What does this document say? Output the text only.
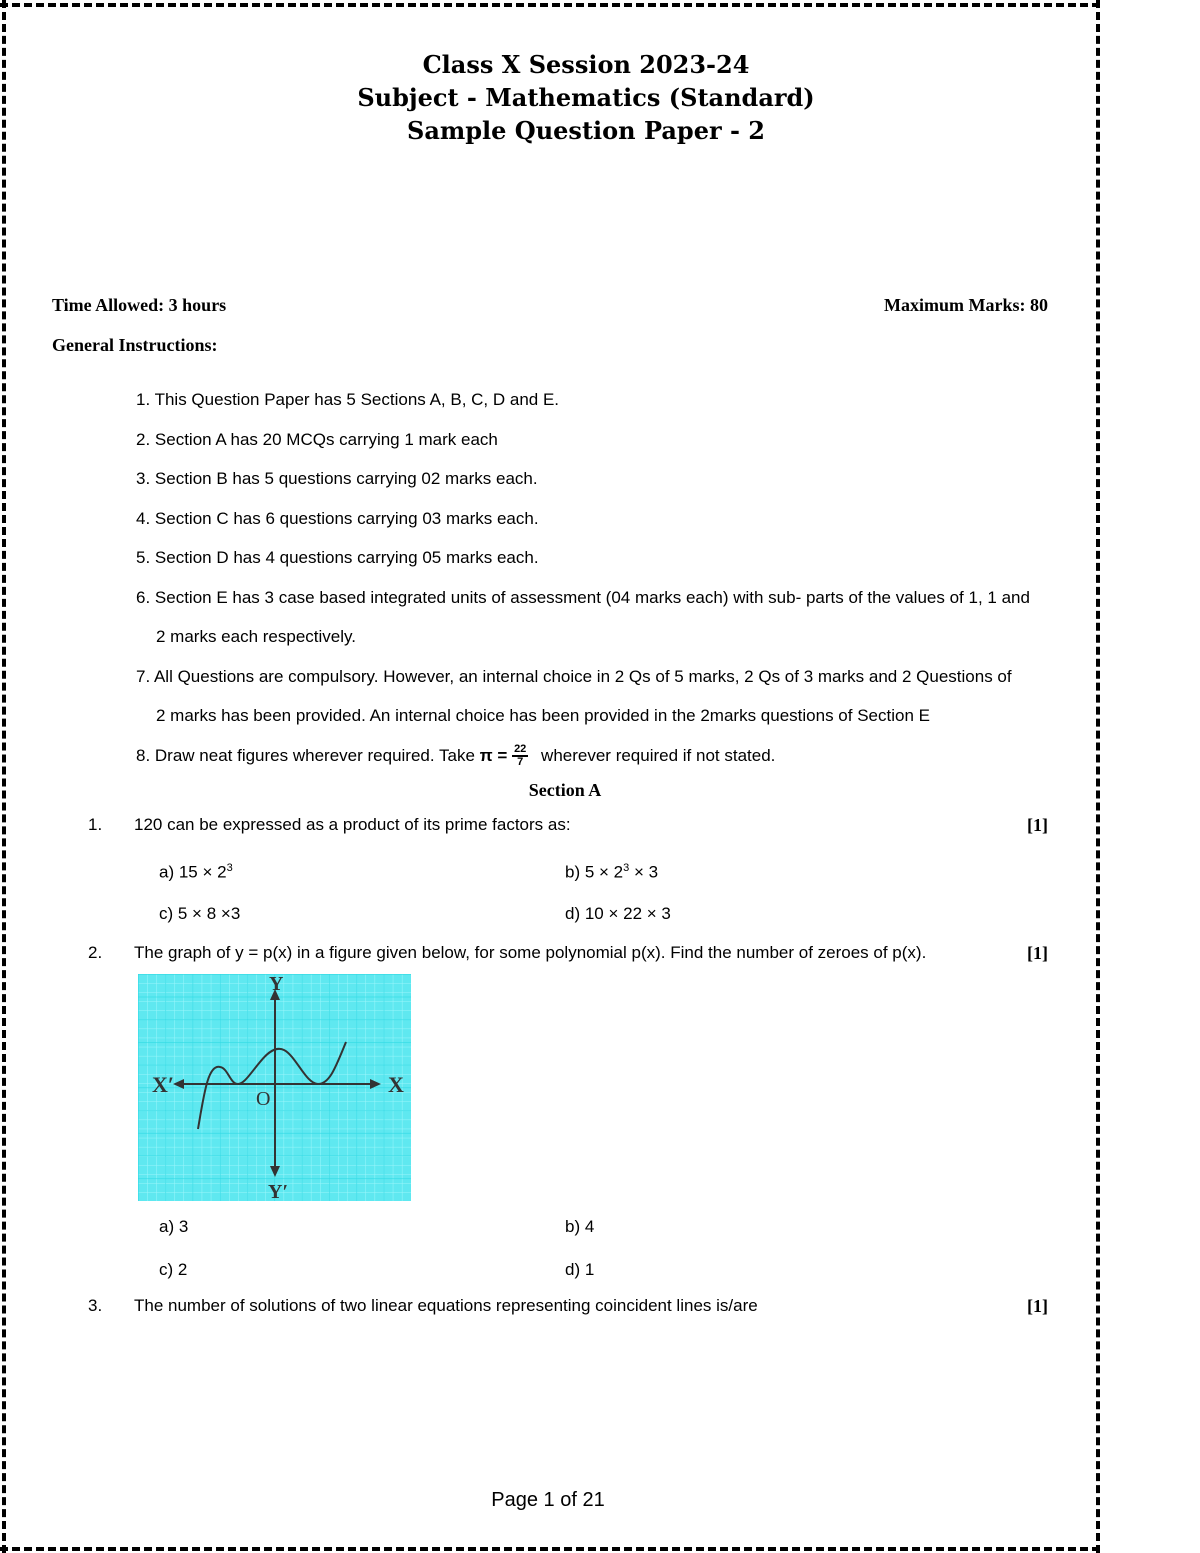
Class X Session 2023-24
Subject - Mathematics (Standard)
Sample Question Paper - 2
Time Allowed: 3 hours	Maximum Marks: 80
General Instructions:
1. This Question Paper has 5 Sections A, B, C, D and E.
2. Section A has 20 MCQs carrying 1 mark each
3. Section B has 5 questions carrying 02 marks each.
4. Section C has 6 questions carrying 03 marks each.
5. Section D has 4 questions carrying 05 marks each.
6. Section E has 3 case based integrated units of assessment (04 marks each) with sub- parts of the values of 1, 1 and
2 marks each respectively.
7. All Questions are compulsory. However, an internal choice in 2 Qs of 5 marks, 2 Qs of 3 marks and 2 Questions of
2 marks has been provided. An internal choice has been provided in the 2marks questions of Section E
8. Draw neat figures wherever required. Take $\pi = \frac{22}{7}$ wherever required if not stated.
Section A
1. 120 can be expressed as a product of its prime factors as:	[1]
a) $15 \times 2^3$	b) $5 \times 2^3 \times 3$
c) 5 × 8 ×3	d) 10 × 22 × 3
2. The graph of y = p(x) in a figure given below, for some polynomial p(x). Find the number of zeroes of p(x).	[1]
X
X′
Y
Y′
O
a) 3	b) 4
c) 2	d) 1
3. The number of solutions of two linear equations representing coincident lines is/are	[1]
Page 1 of 21
